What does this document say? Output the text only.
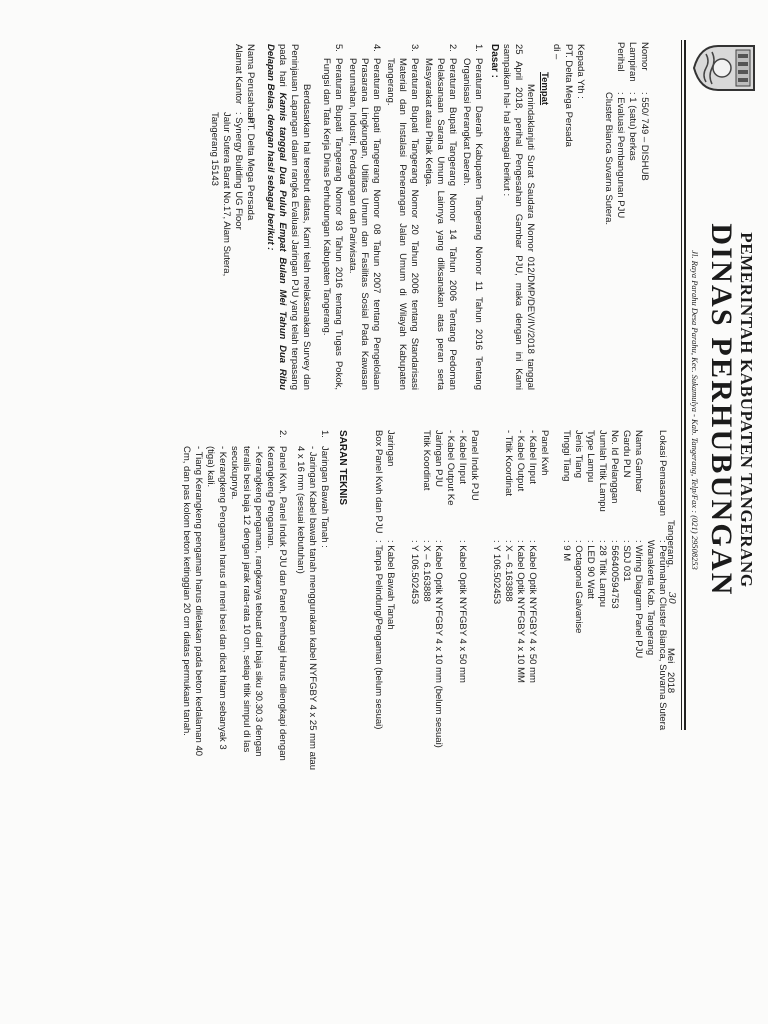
PEMERINTAH KABUPATEN TANGERANG
DINAS PERHUBUNGAN
Jl. Raya Parahu Desa Parahu, Kec. Sukamulya - Kab. Tangerang, Telp/Fax : (021) 29508253
Tangerang,
30
Mei
2018
Nomor
: 550/ 749 – DISHUB
Lampiran
: 1 (satu) berkas
Perihal
: Evaluasi Pembangunan PJU
Cluster Bianca Suvarna Sutera.
Kepada Yth :
PT. Delta Mega Persada
di –
Tempat
Menindaklanjuti Surat Saudara Nomor 012/DMP/DEV/IV/2018 tanggal 25 April 2018, perihal Pengesahan Gambar PJU, maka dengan ini Kami sampaikan hal- hal sebagai berikut :
Dasar :
1.
Peraturan Daerah Kabupaten Tangerang Nomor 11 Tahun 2016 Tentang Organisasi Perangkat Daerah.
2.
Peraturan Bupati Tangerang Nomor 14 Tahun 2006 Tentang Pedoman Pelaksanaan Sarana Umum Lainnya yang dilksanakan atas peran serta Masyarakat atau Pihak Ketiga.
3.
Peraturan Bupati Tangerang Nomor 20 Tahun 2006 tentang Standarisasi Material dan Instalasi Penerangan Jalan Umum di Wilayah Kabupaten Tangerang.
4.
Peraturan Bupati Tangerang Nomor 08 Tahun 2007 tentang Pengelolaan Prasarana Lingkungan, Utilitas Umum dan Fasilitas Sosial Pada Kawasan Perumahan, Industri, Perdagangan dan Pariwisata.
5.
Peraturan Bupati Tangerang Nomor 93 Tahun 2016 tentang Tugas Pokok, Fungsi dan Tata Kerja Dinas Perhubungan Kabupaten Tangerang.
Berdasarkan hal tersebut diatas, Kami telah melaksanakan Survey dan Peninjauan Lapangan dalam rangka Evaluasi Jaringan PJU yang telah terpasang pada hari Kamis tanggal Dua Puluh Empat Bulan Mei Tahun Dua Ribu Delapan Belas, dengan hasil sebagai berikut :
Nama Perusahaan
: PT. Delta Mega Persada
Alamat Kantor
: Synergy Building UG Floor
Jalur Sutera Barat No.17, Alam Sutera,
Tangerang 15143
Lokasi Pemasangan
: Perumahan Cluster Bianca, Suvarna Sutera
Wanakerta Kab. Tangerang
Nama Gambar
: Wiring Diagram Panel PJU
Gardu PLN
: SDJ 031
No. Id Pelanggan
: 566400594753
Jumlah Titik Lampu
: 28 Titik Lampu
Type Lampu
: LED 90 Watt
Jenis Tiang
: Octagonal Galvanise
Tinggi Tiang
: 9 M
Panel Kwh
- Kabel Input
: Kabel Optik NYFGBY 4 x 50 mm
- Kabel Output
: Kabel Optik NYFGBY 4 x 10 MM
- Titik Koordinat
: X – 6.163888
: Y 106.502453
Panel Induk PJU
- Kabel Input
: Kabel Optik NYFGBY 4 x 50 mm
- Kabel Output Ke
Jaringan PJU
: Kabel Optik NYFGBY 4 x 10 mm (belum sesuai)
Titik Koordinat
: X – 6.163888
: Y 106.502453
Jaringan
: Kabel Bawah Tanah
Box Panel Kwh dan PJU
: Tanpa Pelindung/Pengaman (belum sesuai)
SARAN TEKNIS
1.
Jaringan Bawah Tanah :
- Jaringan Kabel bawah tanah menggunakan kabel NYFGBY 4 x 25 mm atau
4 x 16 mm (sesuai kebutuhan)
2.
Panel Kwh, Panel Induk PJU dan Panel Pembagi Harus dilengkapi dengan
Kerangkeng Pengaman.
- Kerangkeng pengaman, rangkanya tebuat dari baja siku 30.30.3 dengan
teralis besi baja 12 dengan jarak rata-rata 10 cm, setiap titik simpul di las
secukupnya.
- Kerangkeng Pengaman harus di meni besi dan dicat hitam sebanyak 3
(tiga) kali.
- Tiang Kerangkeng pengaman harus diletakan pada beton kedalaman 40
Cm, dan pas kolom beton ketinggian 20 cm diatas permukaan tanah.
